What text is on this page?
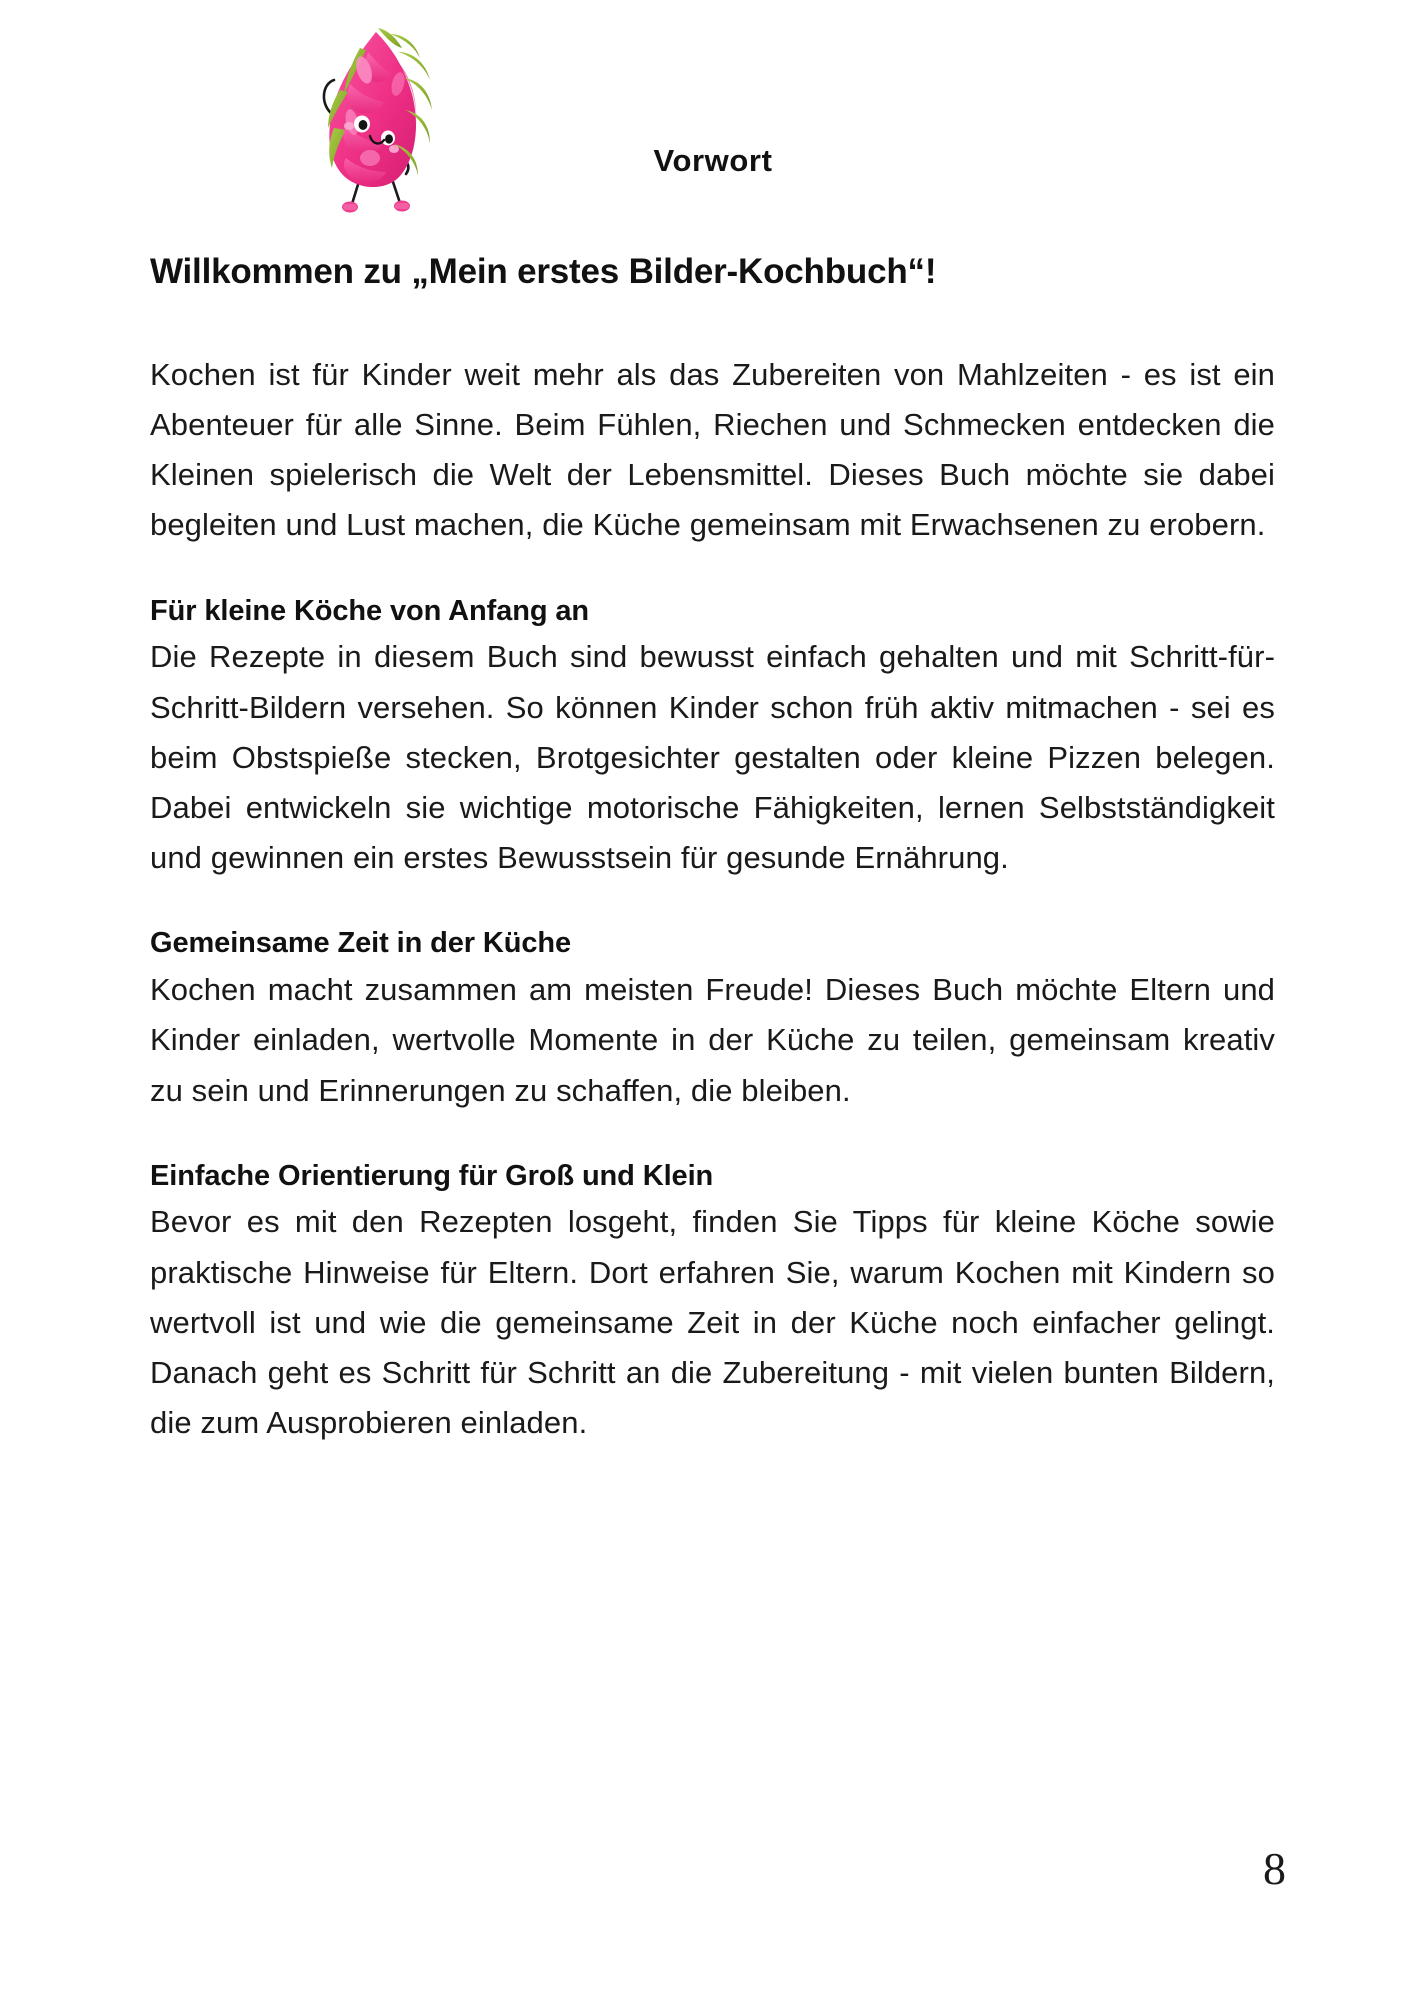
Vorwort
Willkommen zu „Mein erstes Bilder-Kochbuch“!

Kochen ist für Kinder weit mehr als das Zubereiten von Mahlzeiten - es ist ein Abenteuer für alle Sinne. Beim Fühlen, Riechen und Schmecken entdecken die Kleinen spielerisch die Welt der Lebensmittel. Dieses Buch möchte sie dabei begleiten und Lust machen, die Küche gemeinsam mit Erwachsenen zu erobern.

Für kleine Köche von Anfang an

Die Rezepte in diesem Buch sind bewusst einfach gehalten und mit Schritt-für-Schritt-Bildern versehen. So können Kinder schon früh aktiv mitmachen - sei es beim Obstspieße stecken, Brotgesichter gestalten oder kleine Pizzen belegen. Dabei entwickeln sie wichtige motorische Fähigkeiten, lernen Selbstständigkeit und gewinnen ein erstes Bewusstsein für gesunde Ernährung.

Gemeinsame Zeit in der Küche

Kochen macht zusammen am meisten Freude! Dieses Buch möchte Eltern und Kinder einladen, wertvolle Momente in der Küche zu teilen, gemeinsam kreativ zu sein und Erinnerungen zu schaffen, die bleiben.

Einfache Orientierung für Groß und Klein

Bevor es mit den Rezepten losgeht, finden Sie Tipps für kleine Köche sowie praktische Hinweise für Eltern. Dort erfahren Sie, warum Kochen mit Kindern so wertvoll ist und wie die gemeinsame Zeit in der Küche noch einfacher gelingt. Danach geht es Schritt für Schritt an die Zubereitung - mit vielen bunten Bildern, die zum Ausprobieren einladen.

8
